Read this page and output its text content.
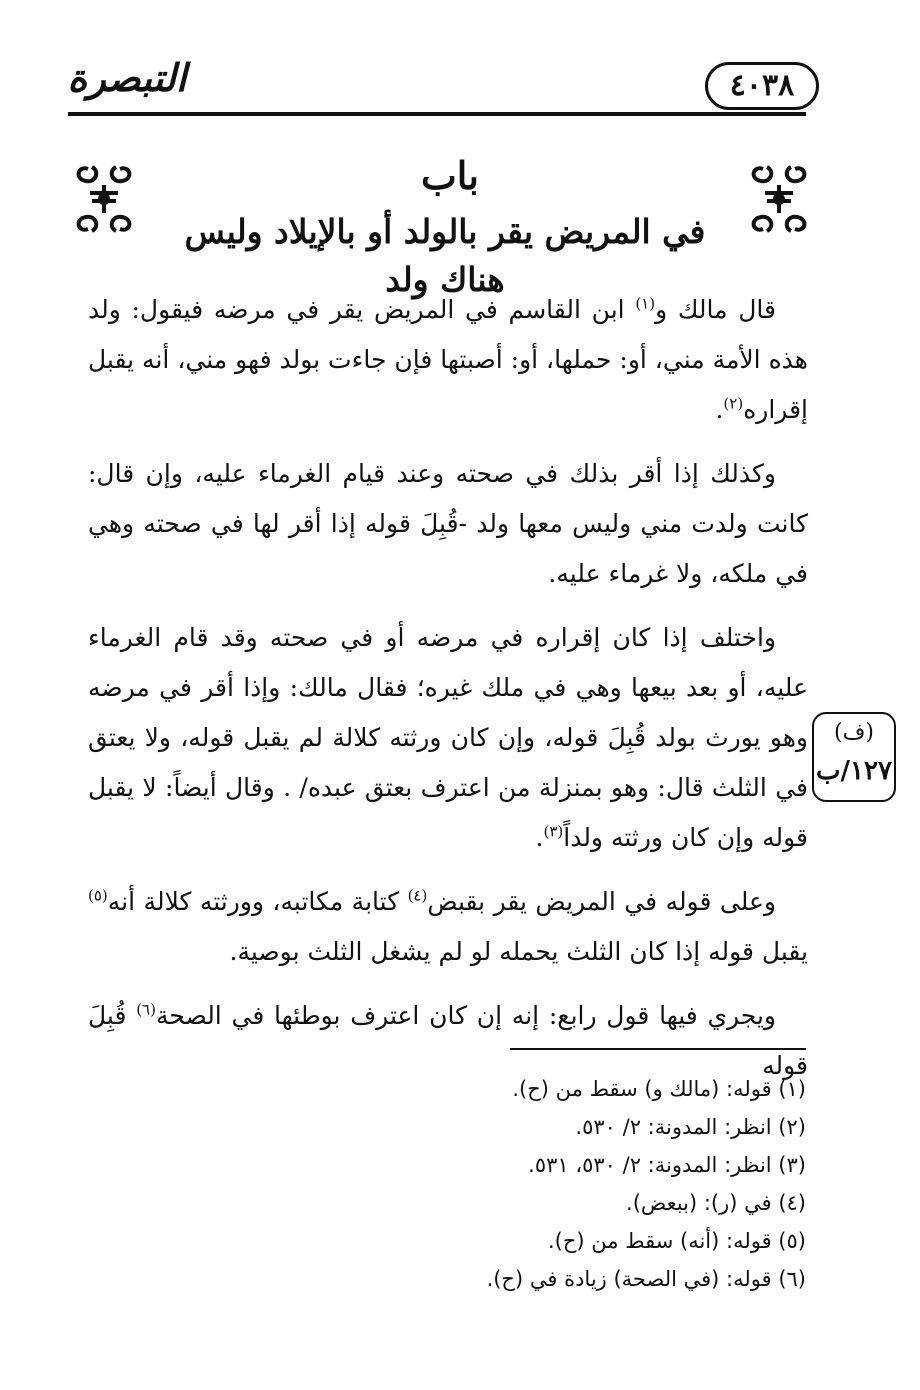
التبصرة	٤٠٣٨
باب
في المريض يقر بالولد أو بالإيلاد وليس هناك ولد

قال مالك و$^{(١)}$ ابن القاسم في المريض يقر في مرضه فيقول: ولد هذه الأمة مني، أو: حملها، أو: أصبتها فإن جاءت بولد فهو مني، أنه يقبل إقراره$^{(٢)}$.

وكذلك إذا أقر بذلك في صحته وعند قيام الغرماء عليه، وإن قال: كانت ولدت مني وليس معها ولد -قُبِلَ قوله إذا أقر لها في صحته وهي في ملكه، ولا غرماء عليه.

واختلف إذا كان إقراره في مرضه أو في صحته وقد قام الغرماء عليه، أو بعد بيعها وهي في ملك غيره؛ فقال مالك: وإذا أقر في مرضه وهو يورث بولد قُبِلَ قوله، وإن كان ورثته كلالة لم يقبل قوله، ولا يعتق في الثلث قال: وهو بمنزلة من اعترف بعتق عبده/ . وقال أيضاً: لا يقبل قوله وإن كان ورثته ولداً$^{(٣)}$.

وعلى قوله في المريض يقر بقبض$^{(٤)}$ كتابة مكاتبه، وورثته كلالة أنه$^{(٥)}$ يقبل قوله إذا كان الثلث يحمله لو لم يشغل الثلث بوصية.

ويجري فيها قول رابع: إنه إن كان اعترف بوطئها في الصحة$^{(٦)}$ قُبِلَ قوله

(ف)
١٢٧/ب
(١) قوله: (مالك و) سقط من (ح).
(٢) انظر: المدونة: ٢/ ٥٣٠.
(٣) انظر: المدونة: ٢/ ٥٣٠، ٥٣١.
(٤) في (ر): (ببعض).
(٥) قوله: (أنه) سقط من (ح).
(٦) قوله: (في الصحة) زيادة في (ح).
